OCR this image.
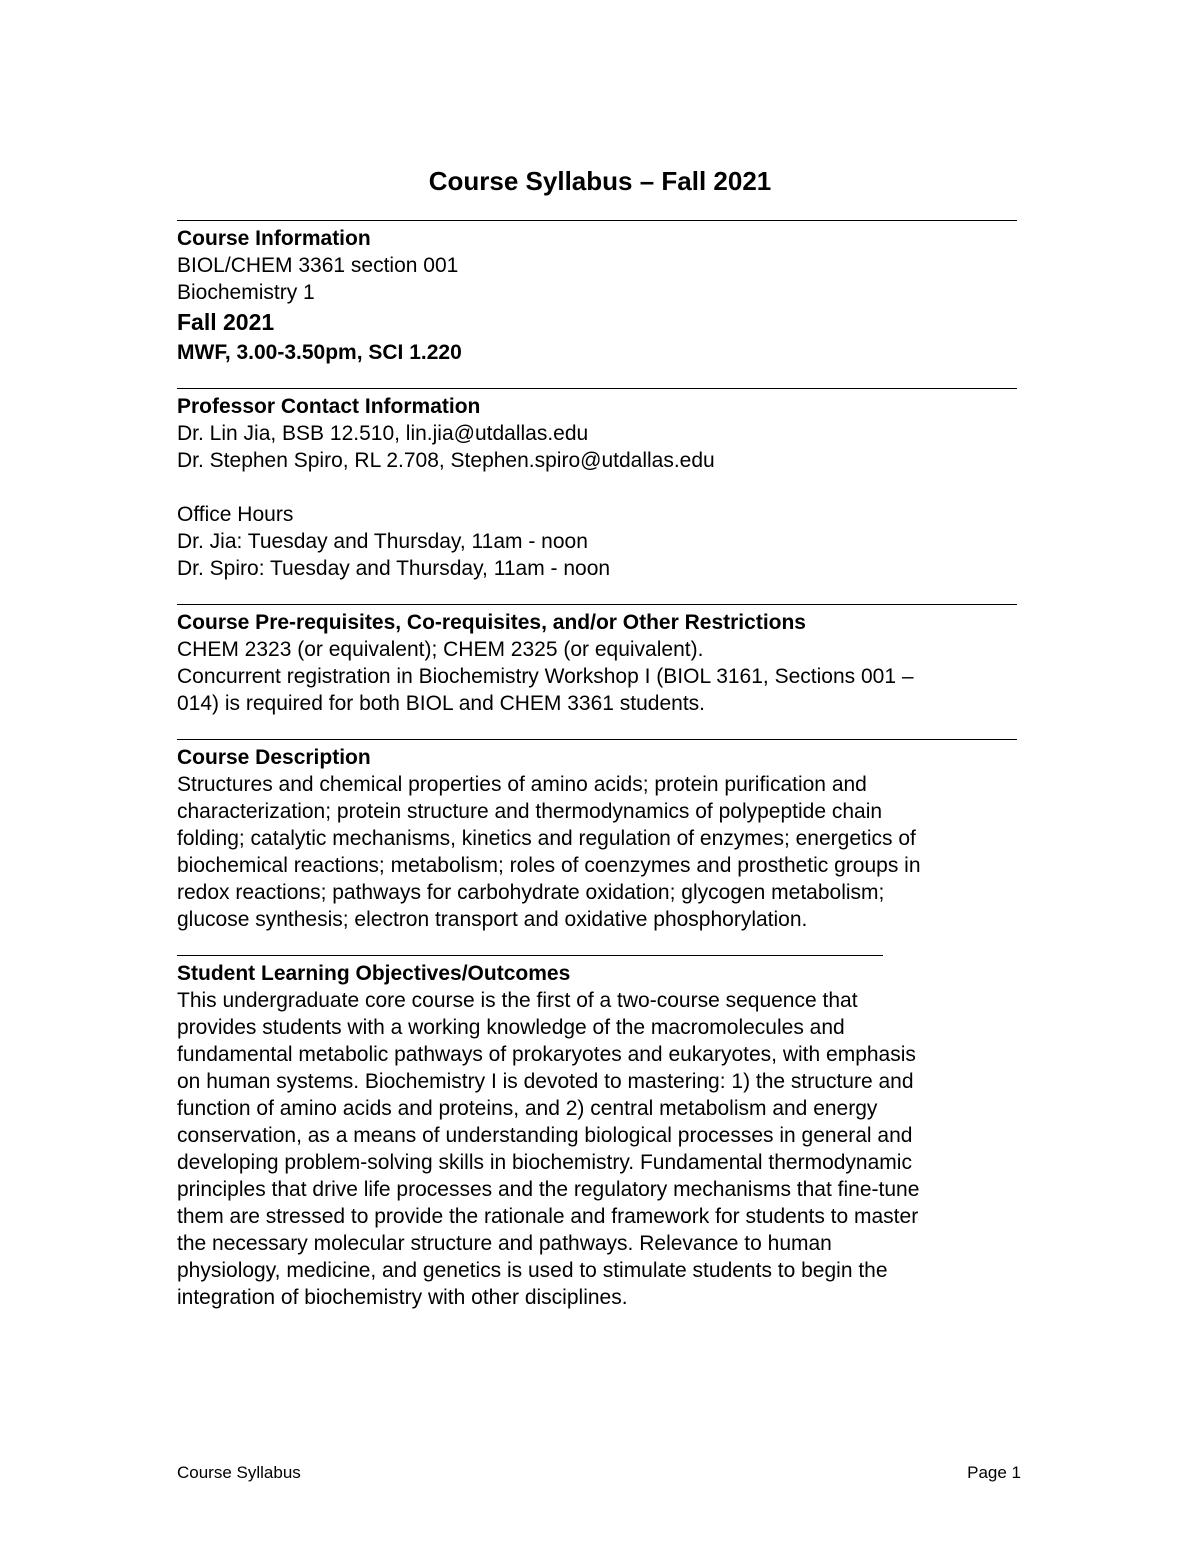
Course Syllabus – Fall 2021
Course Information
BIOL/CHEM 3361 section 001
Biochemistry 1
Fall 2021
MWF, 3.00-3.50pm, SCI 1.220
Professor Contact Information
Dr. Lin Jia, BSB 12.510, lin.jia@utdallas.edu
Dr. Stephen Spiro, RL 2.708, Stephen.spiro@utdallas.edu
Office Hours
Dr. Jia: Tuesday and Thursday, 11am - noon
Dr. Spiro: Tuesday and Thursday, 11am - noon
Course Pre-requisites, Co-requisites, and/or Other Restrictions
CHEM 2323 (or equivalent); CHEM 2325 (or equivalent).
Concurrent registration in Biochemistry Workshop I (BIOL 3161, Sections 001 –
014) is required for both BIOL and CHEM 3361 students.
Course Description
Structures and chemical properties of amino acids; protein purification and
characterization; protein structure and thermodynamics of polypeptide chain
folding; catalytic mechanisms, kinetics and regulation of enzymes; energetics of
biochemical reactions; metabolism; roles of coenzymes and prosthetic groups in
redox reactions; pathways for carbohydrate oxidation; glycogen metabolism;
glucose synthesis; electron transport and oxidative phosphorylation.
Student Learning Objectives/Outcomes
This undergraduate core course is the first of a two-course sequence that
provides students with a working knowledge of the macromolecules and
fundamental metabolic pathways of prokaryotes and eukaryotes, with emphasis
on human systems. Biochemistry I is devoted to mastering: 1) the structure and
function of amino acids and proteins, and 2) central metabolism and energy
conservation, as a means of understanding biological processes in general and
developing problem-solving skills in biochemistry. Fundamental thermodynamic
principles that drive life processes and the regulatory mechanisms that fine-tune
them are stressed to provide the rationale and framework for students to master
the necessary molecular structure and pathways. Relevance to human
physiology, medicine, and genetics is used to stimulate students to begin the
integration of biochemistry with other disciplines.
Course Syllabus	Page 1
